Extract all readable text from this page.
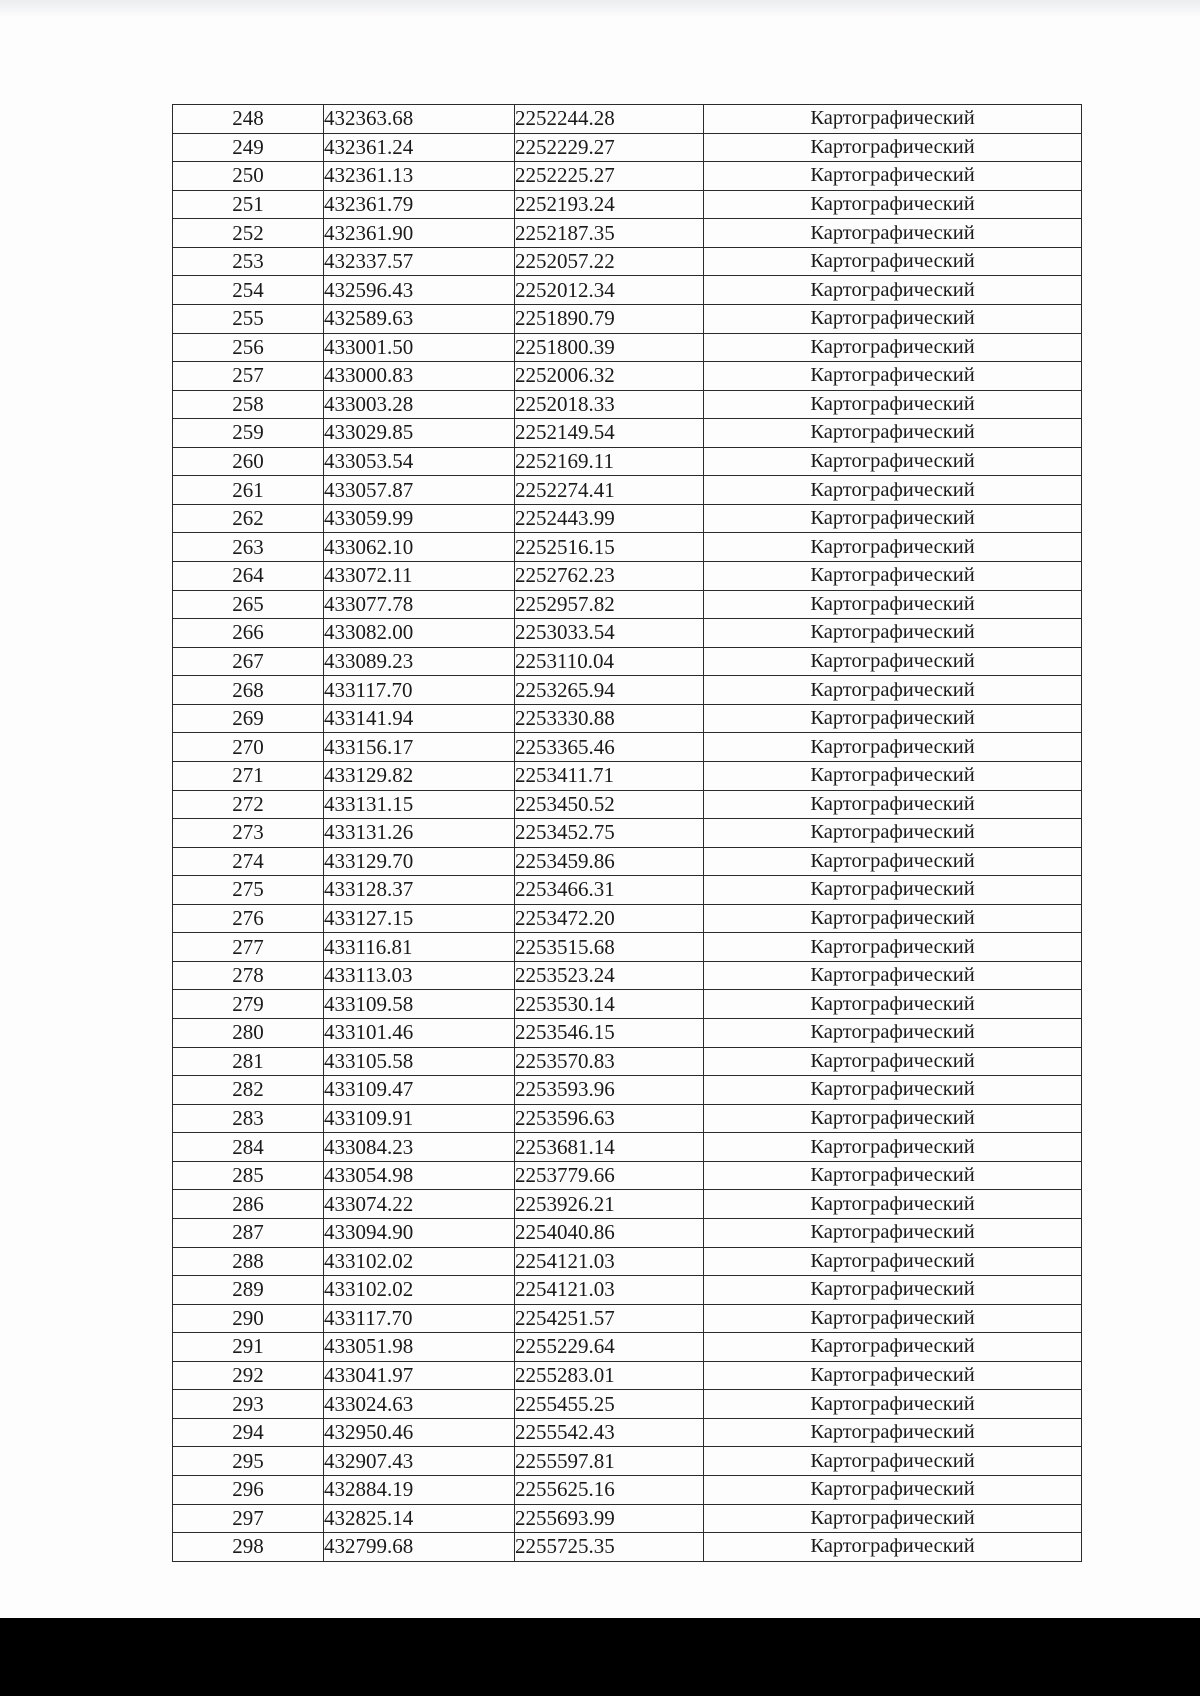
248	432363.68	2252244.28	Картографический
249	432361.24	2252229.27	Картографический
250	432361.13	2252225.27	Картографический
251	432361.79	2252193.24	Картографический
252	432361.90	2252187.35	Картографический
253	432337.57	2252057.22	Картографический
254	432596.43	2252012.34	Картографический
255	432589.63	2251890.79	Картографический
256	433001.50	2251800.39	Картографический
257	433000.83	2252006.32	Картографический
258	433003.28	2252018.33	Картографический
259	433029.85	2252149.54	Картографический
260	433053.54	2252169.11	Картографический
261	433057.87	2252274.41	Картографический
262	433059.99	2252443.99	Картографический
263	433062.10	2252516.15	Картографический
264	433072.11	2252762.23	Картографический
265	433077.78	2252957.82	Картографический
266	433082.00	2253033.54	Картографический
267	433089.23	2253110.04	Картографический
268	433117.70	2253265.94	Картографический
269	433141.94	2253330.88	Картографический
270	433156.17	2253365.46	Картографический
271	433129.82	2253411.71	Картографический
272	433131.15	2253450.52	Картографический
273	433131.26	2253452.75	Картографический
274	433129.70	2253459.86	Картографический
275	433128.37	2253466.31	Картографический
276	433127.15	2253472.20	Картографический
277	433116.81	2253515.68	Картографический
278	433113.03	2253523.24	Картографический
279	433109.58	2253530.14	Картографический
280	433101.46	2253546.15	Картографический
281	433105.58	2253570.83	Картографический
282	433109.47	2253593.96	Картографический
283	433109.91	2253596.63	Картографический
284	433084.23	2253681.14	Картографический
285	433054.98	2253779.66	Картографический
286	433074.22	2253926.21	Картографический
287	433094.90	2254040.86	Картографический
288	433102.02	2254121.03	Картографический
289	433102.02	2254121.03	Картографический
290	433117.70	2254251.57	Картографический
291	433051.98	2255229.64	Картографический
292	433041.97	2255283.01	Картографический
293	433024.63	2255455.25	Картографический
294	432950.46	2255542.43	Картографический
295	432907.43	2255597.81	Картографический
296	432884.19	2255625.16	Картографический
297	432825.14	2255693.99	Картографический
298	432799.68	2255725.35	Картографический
